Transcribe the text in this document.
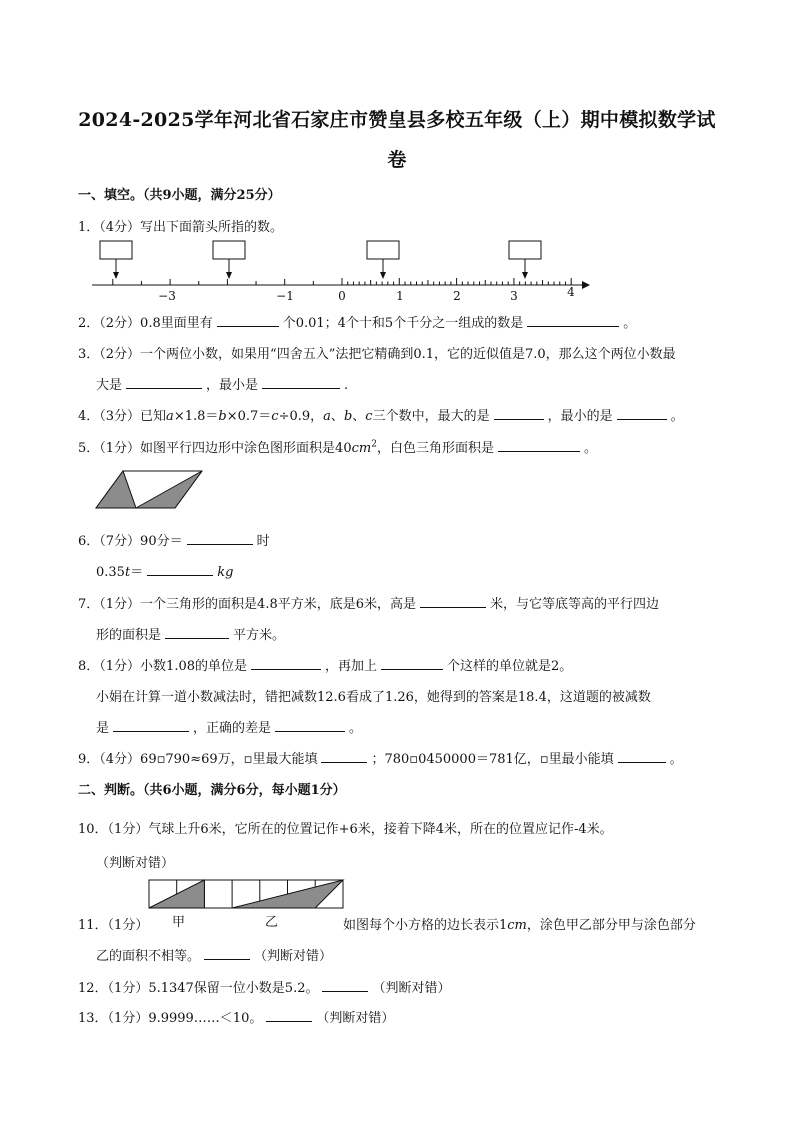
2024-2025学年河北省石家庄市赞皇县多校五年级（上）期中模拟数学试卷
一、填空。（共9小题，满分25分）
1．（4分）写出下面箭头所指的数。
−3	−1	0	1	2	3	4
2．（2分）0.8里面里有	个0.01；4个十和5个千分之一组成的数是	。
3．（2分）一个两位小数，如果用“四舍五入”法把它精确到0.1，它的近似值是7.0，那么这个两位小数最
大是	，最小是	.
4．（3分）已知a×1.8＝b×0.7＝c÷0.9，a、b、c三个数中，最大的是	，最小的是	。
5．（1分）如图平行四边形中涂色图形面积是$40cm^2$，白色三角形面积是	。
6．（7分）90分＝	时
0.35t＝	kg
7．（1分）一个三角形的面积是4.8平方米，底是6米，高是	米，与它等底等高的平行四边
形的面积是	平方米。
8．（1分）小数1.08的单位是	，再加上	个这样的单位就是2。
小娟在计算一道小数减法时，错把减数12.6看成了1.26，她得到的答案是18.4，这道题的被减数
是	，正确的差是	。
9．（4分）69▫790≈69万，▫里最大能填	；780▫0450000＝781亿，▫里最小能填	。
二、判断。（共6小题，满分6分，每小题1分）
10．（1分）气球上升6米，它所在的位置记作+6米，接着下降4米，所在的位置应记作-4米。
（判断对错）
甲	乙
11．（1分）	如图每个小方格的边长表示1cm，涂色甲乙部分甲与涂色部分
乙的面积不相等。	（判断对错）
12．（1分）5.1347保留一位小数是5.2。	（判断对错）
13．（1分）9.9999……＜10。	（判断对错）
